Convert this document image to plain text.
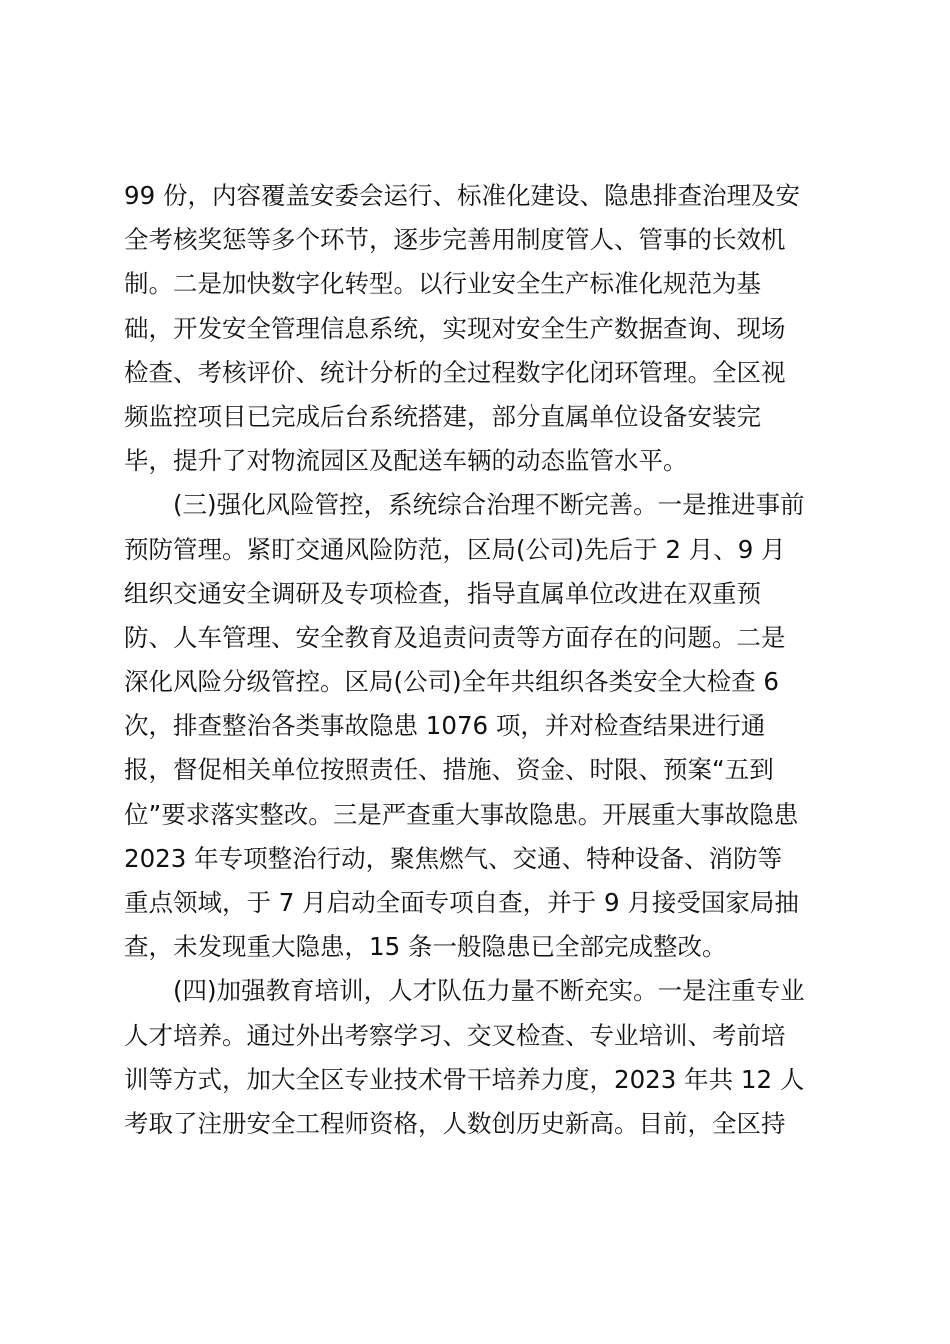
99 份，内容覆盖安委会运行、标准化建设、隐患排查治理及安
全考核奖惩等多个环节，逐步完善用制度管人、管事的长效机
制。二是加快数字化转型。以行业安全生产标准化规范为基
础，开发安全管理信息系统，实现对安全生产数据查询、现场
检查、考核评价、统计分析的全过程数字化闭环管理。全区视
频监控项目已完成后台系统搭建，部分直属单位设备安装完
毕，提升了对物流园区及配送车辆的动态监管水平。
(三)强化风险管控，系统综合治理不断完善。一是推进事前
预防管理。紧盯交通风险防范，区局(公司)先后于 2 月、9 月
组织交通安全调研及专项检查，指导直属单位改进在双重预
防、人车管理、安全教育及追责问责等方面存在的问题。二是
深化风险分级管控。区局(公司)全年共组织各类安全大检查 6
次，排查整治各类事故隐患 1076 项，并对检查结果进行通
报，督促相关单位按照责任、措施、资金、时限、预案“五到
位”要求落实整改。三是严查重大事故隐患。开展重大事故隐患
2023 年专项整治行动，聚焦燃气、交通、特种设备、消防等
重点领域，于 7 月启动全面专项自查，并于 9 月接受国家局抽
查，未发现重大隐患，15 条一般隐患已全部完成整改。
(四)加强教育培训，人才队伍力量不断充实。一是注重专业
人才培养。通过外出考察学习、交叉检查、专业培训、考前培
训等方式，加大全区专业技术骨干培养力度，2023 年共 12 人
考取了注册安全工程师资格，人数创历史新高。目前，全区持
